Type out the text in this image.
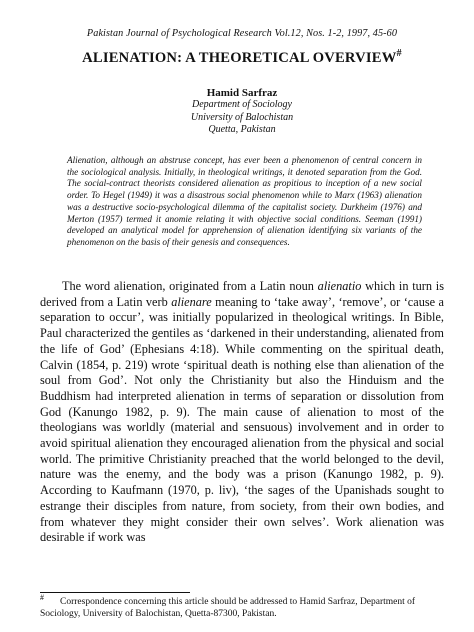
Pakistan Journal of Psychological Research Vol.12, Nos. 1-2, 1997, 45-60
ALIENATION: A THEORETICAL OVERVIEW#
Hamid Sarfraz
Department of Sociology
University of Balochistan
Quetta, Pakistan
Alienation, although an abstruse concept, has ever been a phenomenon of central concern in the sociological analysis. Initially, in theological writings, it denoted separation from the God. The social-contract theorists considered alienation as propitious to inception of a new social order. To Hegel (1949) it was a disastrous social phenomenon while to Marx (1963) alienation was a destructive socio-psychological dilemma of the capitalist society. Durkheim (1976) and Merton (1957) termed it anomie relating it with objective social conditions. Seeman (1991) developed an analytical model for apprehension of alienation identifying six variants of the phenomenon on the basis of their genesis and consequences.

The word alienation, originated from a Latin noun alienatio which in turn is derived from a Latin verb alienare meaning to ‘take away’, ‘remove’, or ‘cause a separation to occur’, was initially popularized in theological writings. In Bible, Paul characterized the gentiles as ‘darkened in their understanding, alienated from the life of God’ (Ephesians 4:18). While commenting on the spiritual death, Calvin (1854, p. 219) wrote ‘spiritual death is nothing else than alienation of the soul from God’. Not only the Christianity but also the Hinduism and the Buddhism had interpreted alienation in terms of separation or dissolution from God (Kanungo 1982, p. 9). The main cause of alienation to most of the theologians was worldly (material and sensuous) involvement and in order to avoid spiritual alienation they encouraged alienation from the physical and social world. The primitive Christianity preached that the world belonged to the devil, nature was the enemy, and the body was a prison (Kanungo 1982, p. 9). According to Kaufmann (1970, p. liv), ‘the sages of the Upanishads sought to estrange their disciples from nature, from society, from their own bodies, and from whatever they might consider their own selves’. Work alienation was desirable if work was

# Correspondence concerning this article should be addressed to Hamid Sarfraz, Department of Sociology, University of Balochistan, Quetta-87300, Pakistan.
